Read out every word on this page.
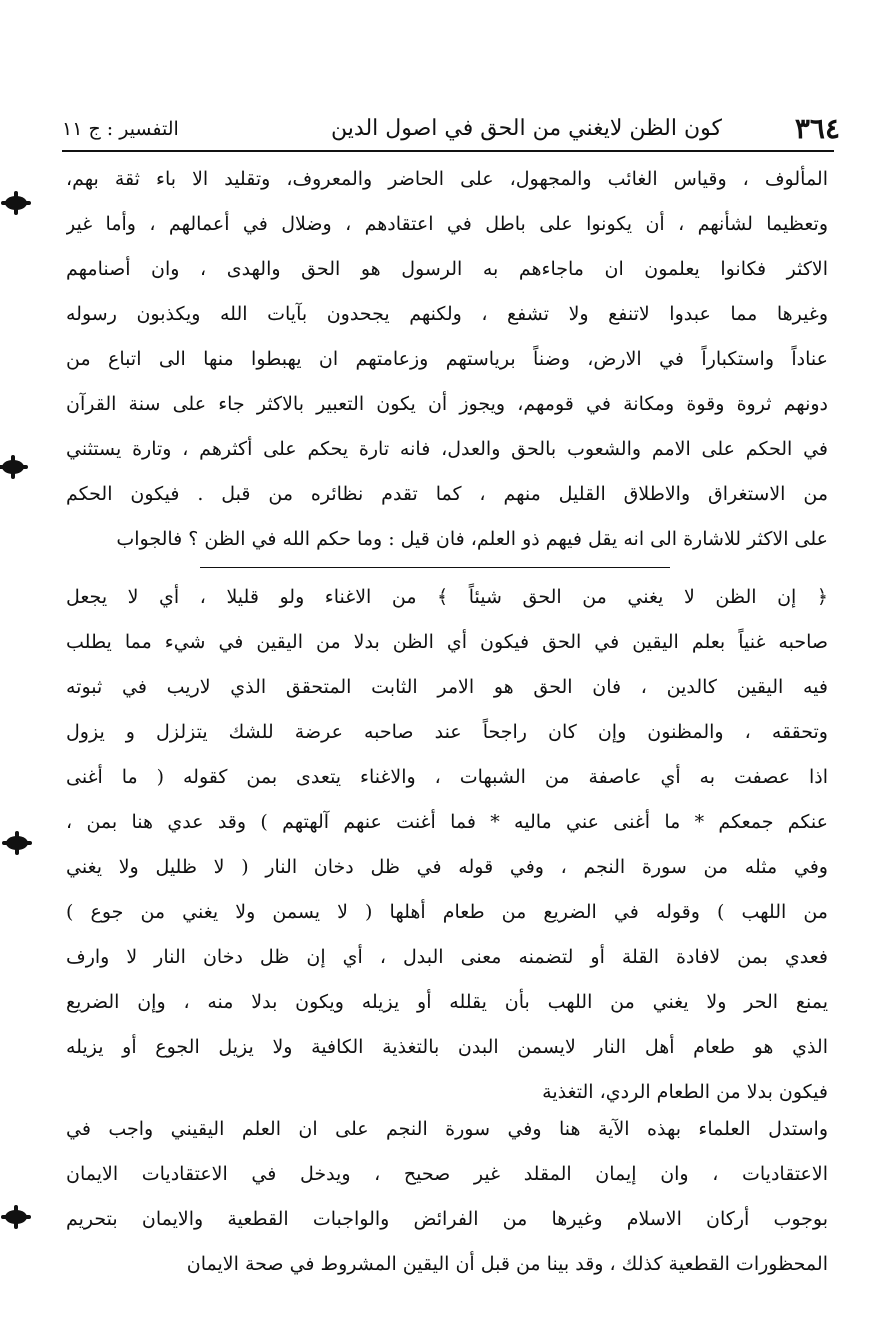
٣٦٤
كون الظن لايغني من الحق في اصول الدين
التفسير : ج ١١
المألوف ، وقياس الغائب والمجهول، على الحاضر والمعروف، وتقليد الا باء ثقة بهم،
وتعظيما لشأنهم ، أن يكونوا على باطل في اعتقادهم ، وضلال في أعمالهم ، وأما غير
الاكثر فكانوا يعلمون ان ماجاءهم به الرسول هو الحق والهدى ، وان أصنامهم
وغيرها مما عبدوا لاتنفع ولا تشفع ، ولكنهم يجحدون بآيات الله ويكذبون رسوله
عناداً واستكباراً في الارض، وضناً برياستهم وزعامتهم ان يهبطوا منها الى اتباع من
دونهم ثروة وقوة ومكانة في قومهم، ويجوز أن يكون التعبير بالاكثر جاء على سنة القرآن
في الحكم على الامم والشعوب بالحق والعدل، فانه تارة يحكم على أكثرهم ، وتارة يستثني
من الاستغراق والاطلاق القليل منهم ، كما تقدم نظائره من قبل . فيكون الحكم
على الاكثر للاشارة الى انه يقل فيهم ذو العلم، فان قيل : وما حكم الله في الظن ؟ فالجواب
﴿ إن الظن لا يغني من الحق شيئاً ﴾ من الاغناء ولو قليلا ، أي لا يجعل
صاحبه غنياً بعلم اليقين في الحق فيكون أي الظن بدلا من اليقين في شيء مما يطلب
فيه اليقين كالدين ، فان الحق هو الامر الثابت المتحقق الذي لاريب في ثبوته
وتحققه ، والمظنون وإن كان راجحاً عند صاحبه عرضة للشك يتزلزل و يزول
اذا عصفت به أي عاصفة من الشبهات ، والاغناء يتعدى بمن كقوله ( ما أغنى
عنكم جمعكم * ما أغنى عني ماليه * فما أغنت عنهم آلهتهم ) وقد عدي هنا بمن ،
وفي مثله من سورة النجم ، وفي قوله في ظل دخان النار ( لا ظليل ولا يغني
من اللهب ) وقوله في الضريع من طعام أهلها ( لا يسمن ولا يغني من جوع )
فعدي بمن لافادة القلة أو لتضمنه معنى البدل ، أي إن ظل دخان النار لا وارف
يمنع الحر ولا يغني من اللهب بأن يقلله أو يزيله ويكون بدلا منه ، وإن الضريع
الذي هو طعام أهل النار لايسمن البدن بالتغذية الكافية ولا يزيل الجوع أو يزيله
فيكون بدلا من الطعام الردي، التغذية
واستدل العلماء بهذه الآية هنا وفي سورة النجم على ان العلم اليقيني واجب في
الاعتقاديات ، وان إيمان المقلد غير صحيح ، ويدخل في الاعتقاديات الايمان
بوجوب أركان الاسلام وغيرها من الفرائض والواجبات القطعية والايمان بتحريم
المحظورات القطعية كذلك ، وقد بينا من قبل أن اليقين المشروط في صحة الايمان
